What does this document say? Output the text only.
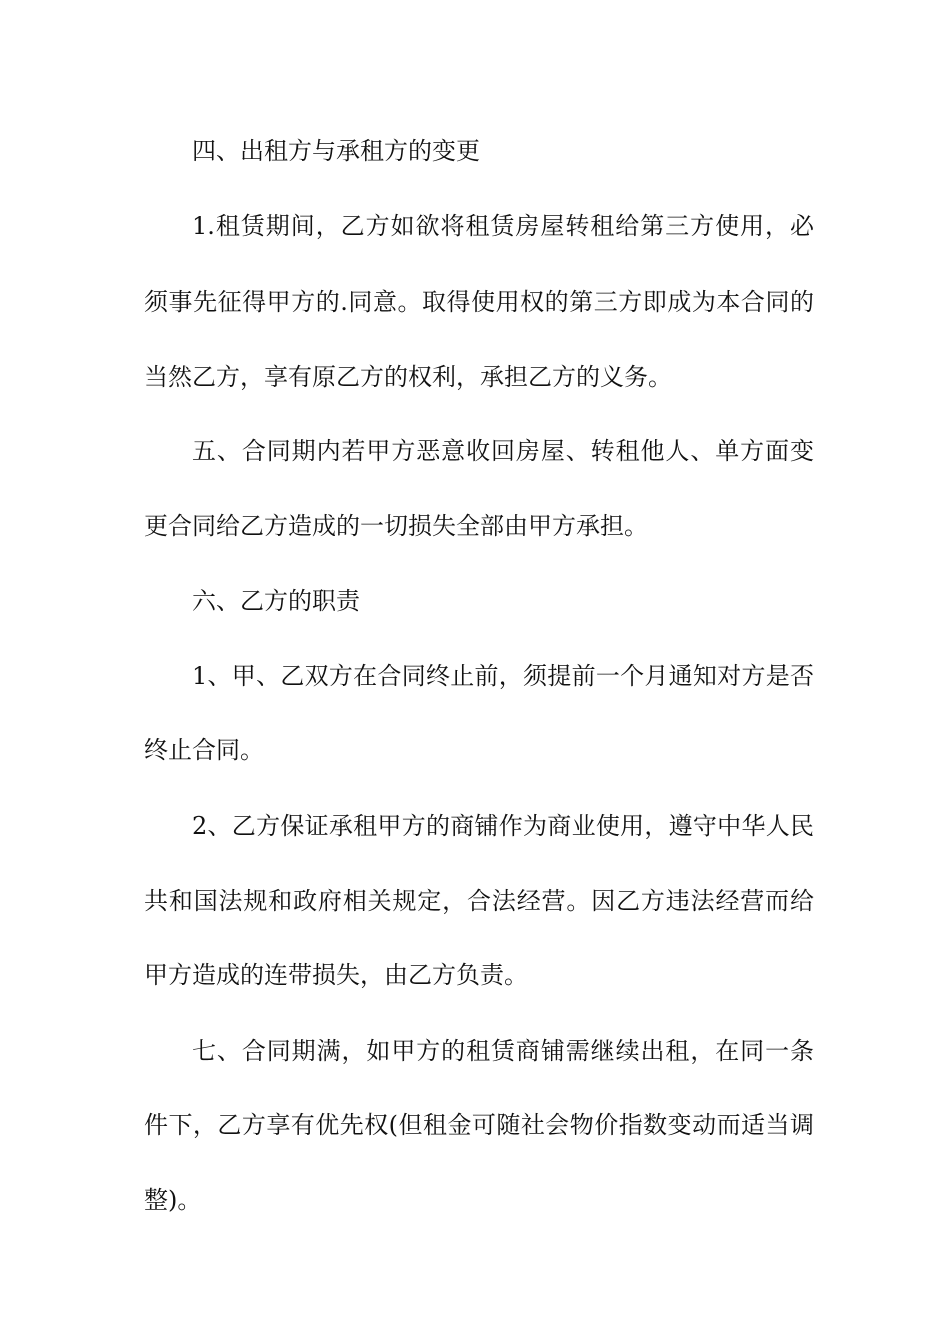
四、出租方与承租方的变更
1.租赁期间，乙方如欲将租赁房屋转租给第三方使用，必
须事先征得甲方的.同意。取得使用权的第三方即成为本合同的
当然乙方，享有原乙方的权利，承担乙方的义务。
五、合同期内若甲方恶意收回房屋、转租他人、单方面变
更合同给乙方造成的一切损失全部由甲方承担。
六、乙方的职责
1、甲、乙双方在合同终止前，须提前一个月通知对方是否
终止合同。
2、乙方保证承租甲方的商铺作为商业使用，遵守中华人民
共和国法规和政府相关规定，合法经营。因乙方违法经营而给
甲方造成的连带损失，由乙方负责。
七、合同期满，如甲方的租赁商铺需继续出租，在同一条
件下，乙方享有优先权(但租金可随社会物价指数变动而适当调
整)。
